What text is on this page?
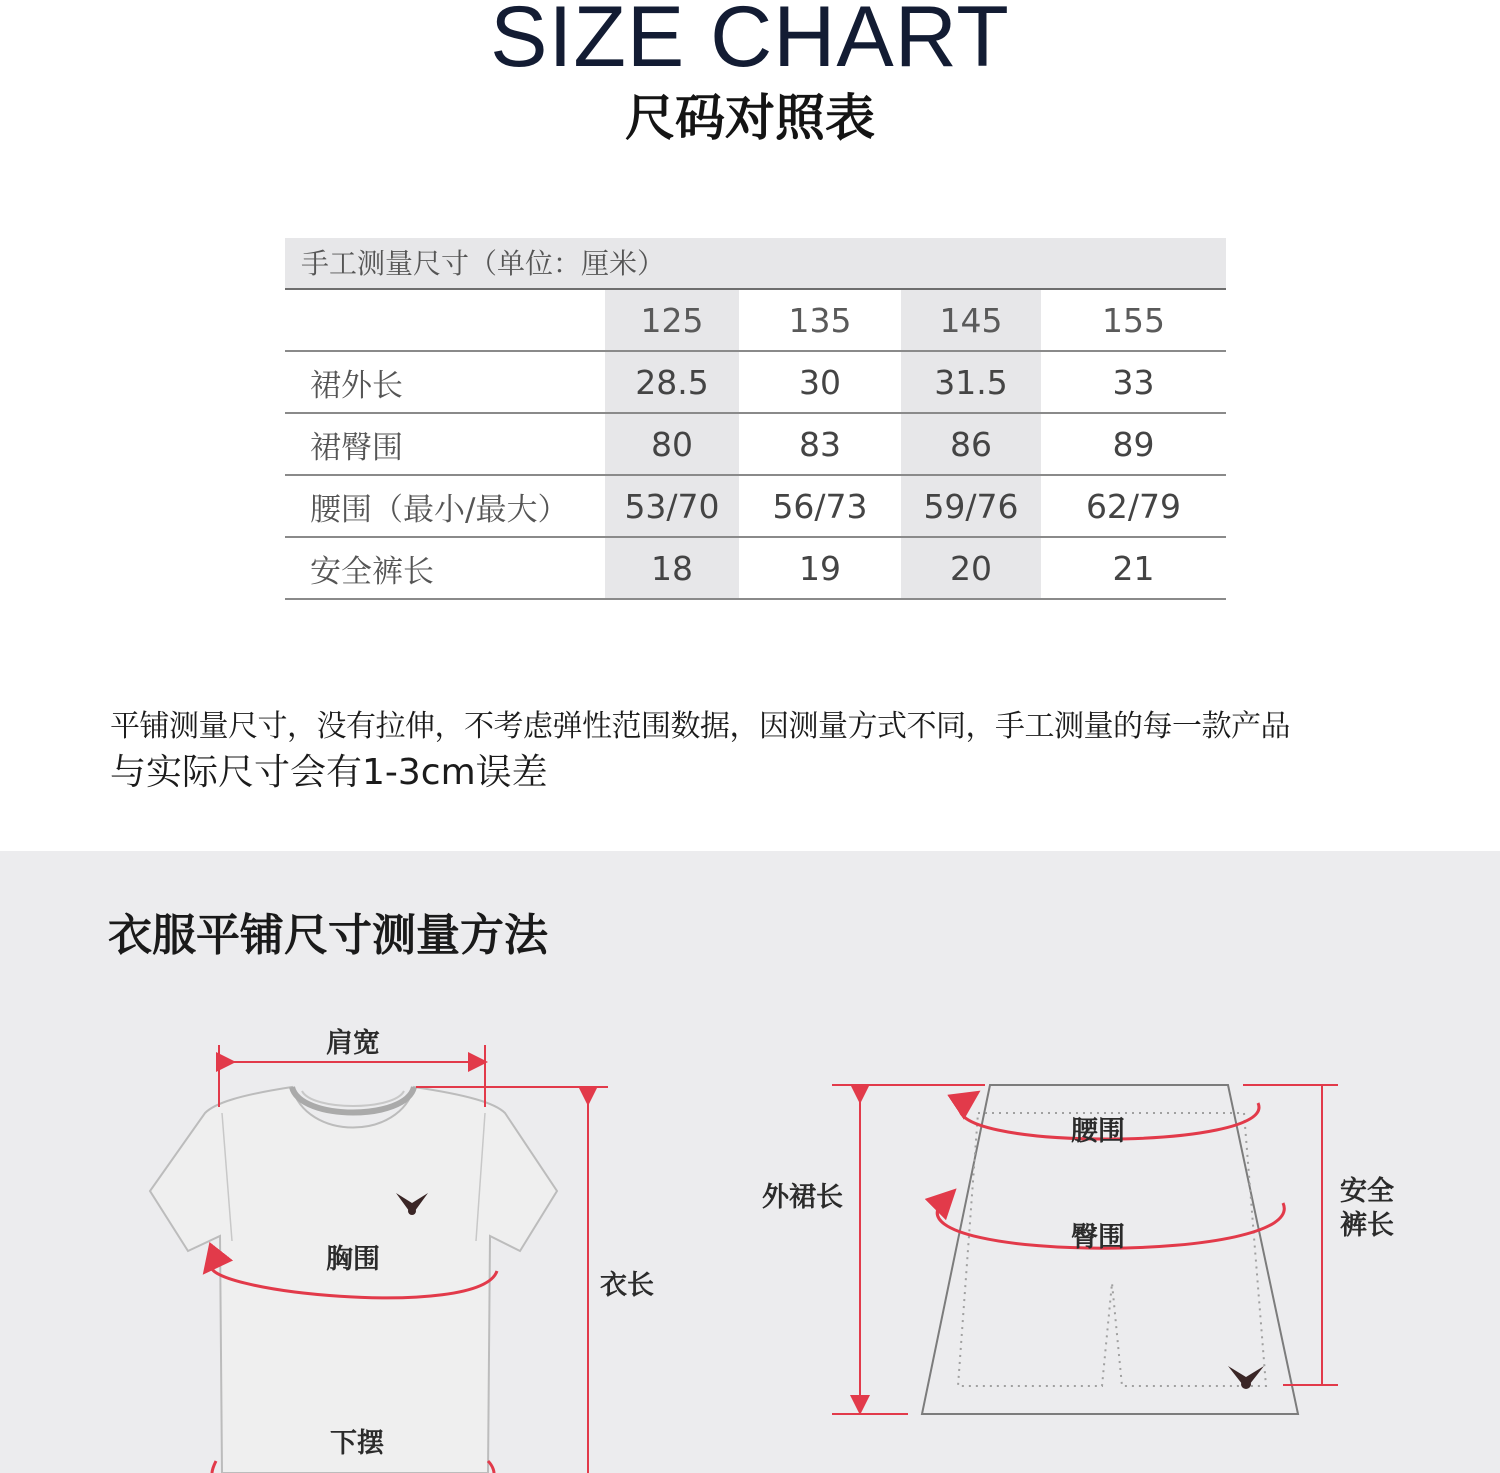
SIZE CHART
尺码对照表
手工测量尺寸（单位：厘米）
	125	135	145	155
裙外长	28.5	30	31.5	33
裙臀围	80	83	86	89
腰围（最小/最大）	53/70	56/73	59/76	62/79
安全裤长	18	19	20	21
平铺测量尺寸，没有拉伸，不考虑弹性范围数据，因测量方式不同，手工测量的每一款产品
与实际尺寸会有1-3cm误差
衣服平铺尺寸测量方法
肩宽
胸围
衣长
下摆
腰围
臀围
外裙长	安全
裤长
